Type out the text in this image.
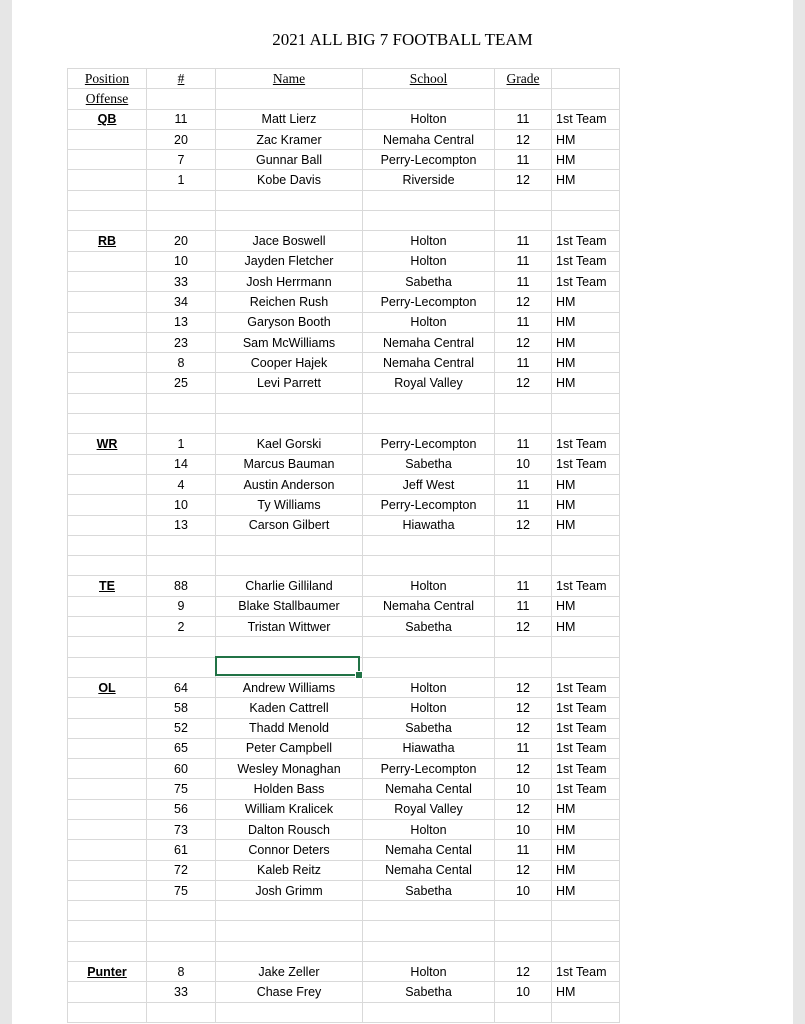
2021 ALL BIG 7 FOOTBALL TEAM
Position	#	Name	School	Grade	
Offense					
QB	11	Matt Lierz	Holton	11	1st Team
	20	Zac Kramer	Nemaha Central	12	HM
	7	Gunnar Ball	Perry-Lecompton	11	HM
	1	Kobe Davis	Riverside	12	HM

RB	20	Jace Boswell	Holton	11	1st Team
	10	Jayden Fletcher	Holton	11	1st Team
	33	Josh Herrmann	Sabetha	11	1st Team
	34	Reichen Rush	Perry-Lecompton	12	HM
	13	Garyson Booth	Holton	11	HM
	23	Sam McWilliams	Nemaha Central	12	HM
	8	Cooper Hajek	Nemaha Central	11	HM
	25	Levi Parrett	Royal Valley	12	HM

WR	1	Kael Gorski	Perry-Lecompton	11	1st Team
	14	Marcus Bauman	Sabetha	10	1st Team
	4	Austin Anderson	Jeff West	11	HM
	10	Ty Williams	Perry-Lecompton	11	HM
	13	Carson Gilbert	Hiawatha	12	HM

TE	88	Charlie Gilliland	Holton	11	1st Team
	9	Blake Stallbaumer	Nemaha Central	11	HM
	2	Tristan Wittwer	Sabetha	12	HM

OL	64	Andrew Williams	Holton	12	1st Team
	58	Kaden Cattrell	Holton	12	1st Team
	52	Thadd Menold	Sabetha	12	1st Team
	65	Peter Campbell	Hiawatha	11	1st Team
	60	Wesley Monaghan	Perry-Lecompton	12	1st Team
	75	Holden Bass	Nemaha Cental	10	1st Team
	56	William Kralicek	Royal Valley	12	HM
	73	Dalton Rousch	Holton	10	HM
	61	Connor Deters	Nemaha Cental	11	HM
	72	Kaleb Reitz	Nemaha Cental	12	HM
	75	Josh Grimm	Sabetha	10	HM

Punter	8	Jake Zeller	Holton	12	1st Team
	33	Chase Frey	Sabetha	10	HM
